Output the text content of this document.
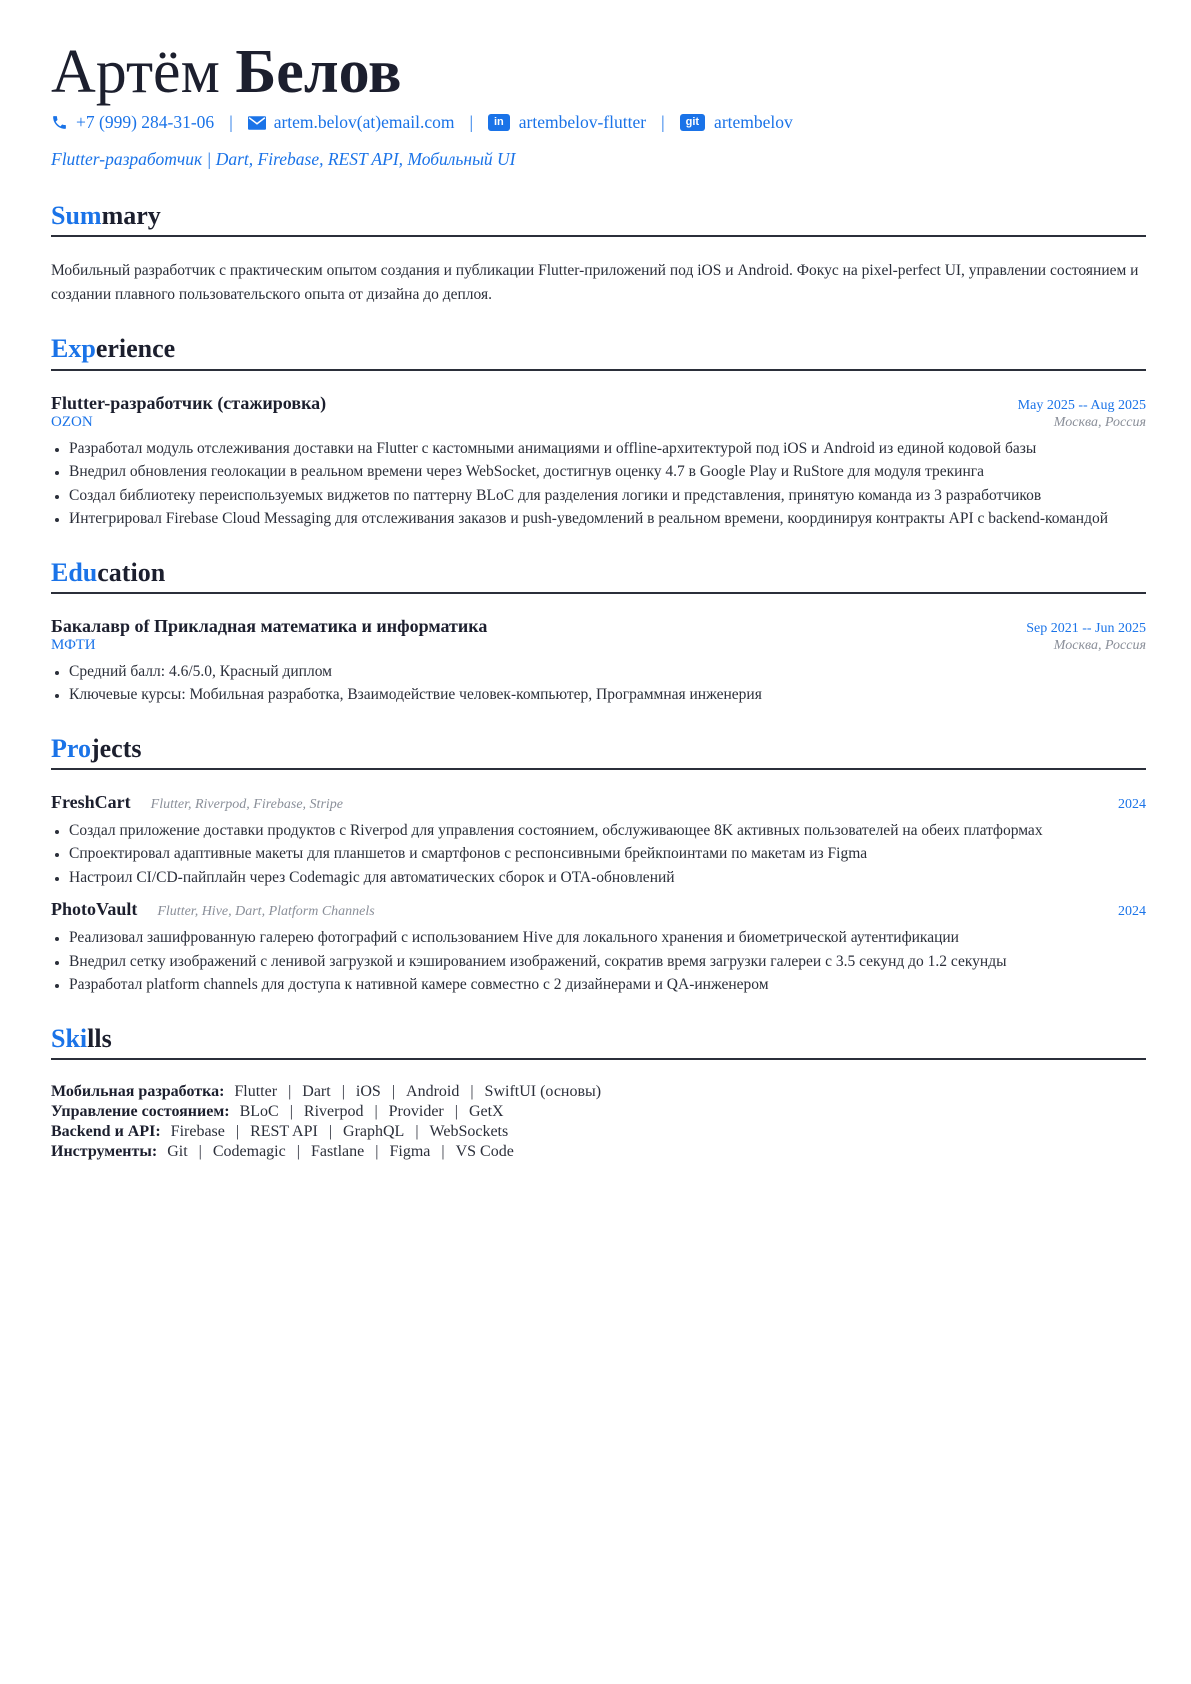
Артём Белов
+7 (999) 284-31-06 | artem.belov(at)email.com |	in artembelov-flutter |	git artembelov
Flutter-разработчик | Dart, Firebase, REST API, Мобильный UI
Summary
Мобильный разработчик с практическим опытом создания и публикации Flutter-приложений под iOS и Android. Фокус на pixel-perfect UI, управлении состоянием и создании плавного пользовательского опыта от дизайна до деплоя.
Experience
Flutter-разработчик (стажировка)	May 2025 -- Aug 2025
OZON	Москва, Россия
• Разработал модуль отслеживания доставки на Flutter с кастомными анимациями и offline-архитектурой под iOS и Android из единой кодовой базы
• Внедрил обновления геолокации в реальном времени через WebSocket, достигнув оценку 4.7 в Google Play и RuStore для модуля трекинга
• Создал библиотеку переиспользуемых виджетов по паттерну BLoC для разделения логики и представления, принятую команда из 3 разработчиков
• Интегрировал Firebase Cloud Messaging для отслеживания заказов и push-уведомлений в реальном времени, координируя контракты API с backend-командой
Education
Бакалавр of Прикладная математика и информатика	Sep 2021 -- Jun 2025
МФТИ	Москва, Россия
• Средний балл: 4.6/5.0, Красный диплом
• Ключевые курсы: Мобильная разработка, Взаимодействие человек-компьютер, Программная инженерия
Projects
FreshCart Flutter, Riverpod, Firebase, Stripe	2024
• Создал приложение доставки продуктов с Riverpod для управления состоянием, обслуживающее 8K активных пользователей на обеих платформах
• Спроектировал адаптивные макеты для планшетов и смартфонов с респонсивными брейкпоинтами по макетам из Figma
• Настроил CI/CD-пайплайн через Codemagic для автоматических сборок и OTA-обновлений
PhotoVault Flutter, Hive, Dart, Platform Channels	2024
• Реализовал зашифрованную галерею фотографий с использованием Hive для локального хранения и биометрической аутентификации
• Внедрил сетку изображений с ленивой загрузкой и кэшированием изображений, сократив время загрузки галереи с 3.5 секунд до 1.2 секунды
• Разработал platform channels для доступа к нативной камере совместно с 2 дизайнерами и QA-инженером
Skills
Мобильная разработка: Flutter | Dart | iOS | Android | SwiftUI (основы)
Управление состоянием: BLoC | Riverpod | Provider | GetX
Backend и API: Firebase | REST API | GraphQL | WebSockets
Инструменты: Git | Codemagic | Fastlane | Figma | VS Code
